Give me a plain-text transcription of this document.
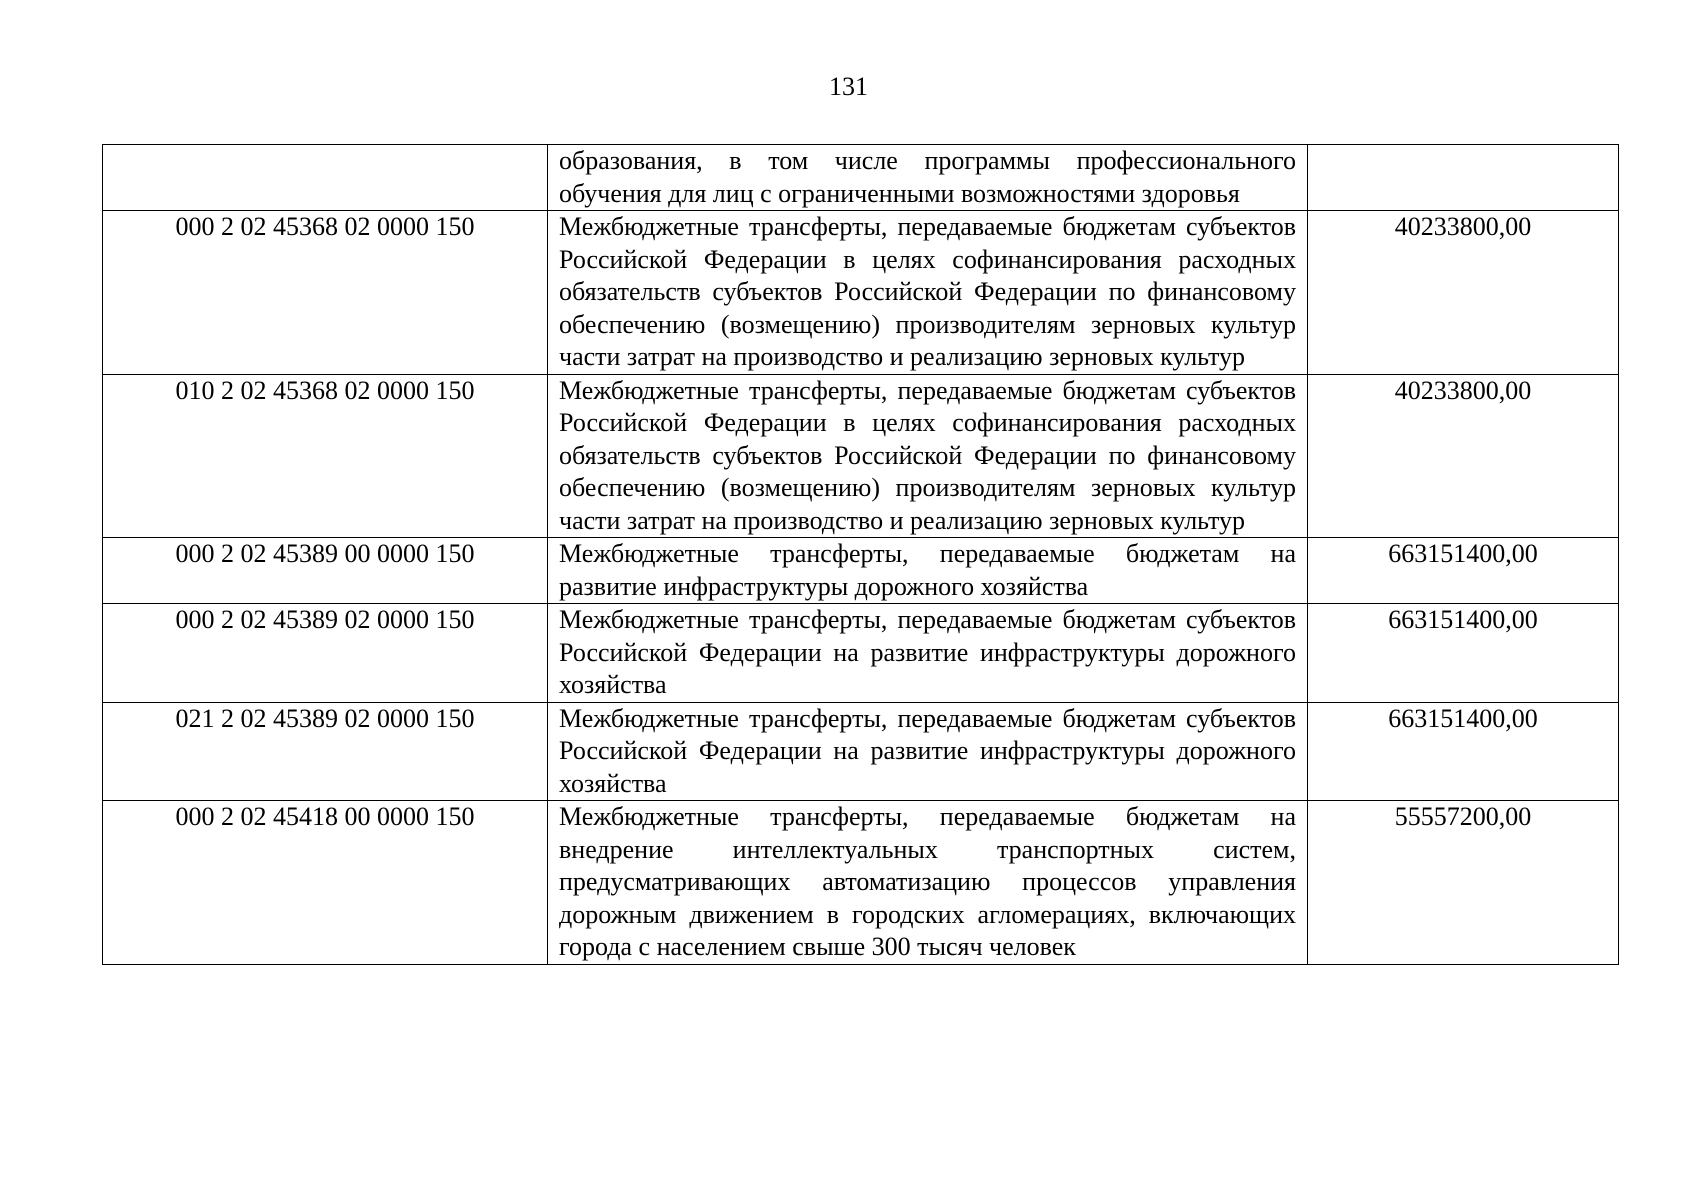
131
	образования, в том числе программы профессионального обучения для лиц с ограниченными возможностями здоровья	
000 2 02 45368 02 0000 150	Межбюджетные трансферты, передаваемые бюджетам субъектов Российской Федерации в целях софинансирования расходных обязательств субъектов Российской Федерации по финансовому обеспечению (возмещению) производителям зерновых культур части затрат на производство и реализацию зерновых культур	40233800,00
010 2 02 45368 02 0000 150	Межбюджетные трансферты, передаваемые бюджетам субъектов Российской Федерации в целях софинансирования расходных обязательств субъектов Российской Федерации по финансовому обеспечению (возмещению) производителям зерновых культур части затрат на производство и реализацию зерновых культур	40233800,00
000 2 02 45389 00 0000 150	Межбюджетные трансферты, передаваемые бюджетам на развитие инфраструктуры дорожного хозяйства	663151400,00
000 2 02 45389 02 0000 150	Межбюджетные трансферты, передаваемые бюджетам субъектов Российской Федерации на развитие инфраструктуры дорожного хозяйства	663151400,00
021 2 02 45389 02 0000 150	Межбюджетные трансферты, передаваемые бюджетам субъектов Российской Федерации на развитие инфраструктуры дорожного хозяйства	663151400,00
000 2 02 45418 00 0000 150	Межбюджетные трансферты, передаваемые бюджетам на внедрение интеллектуальных транспортных систем, предусматривающих автоматизацию процессов управления дорожным движением в городских агломерациях, включающих города с населением свыше 300 тысяч человек	55557200,00
